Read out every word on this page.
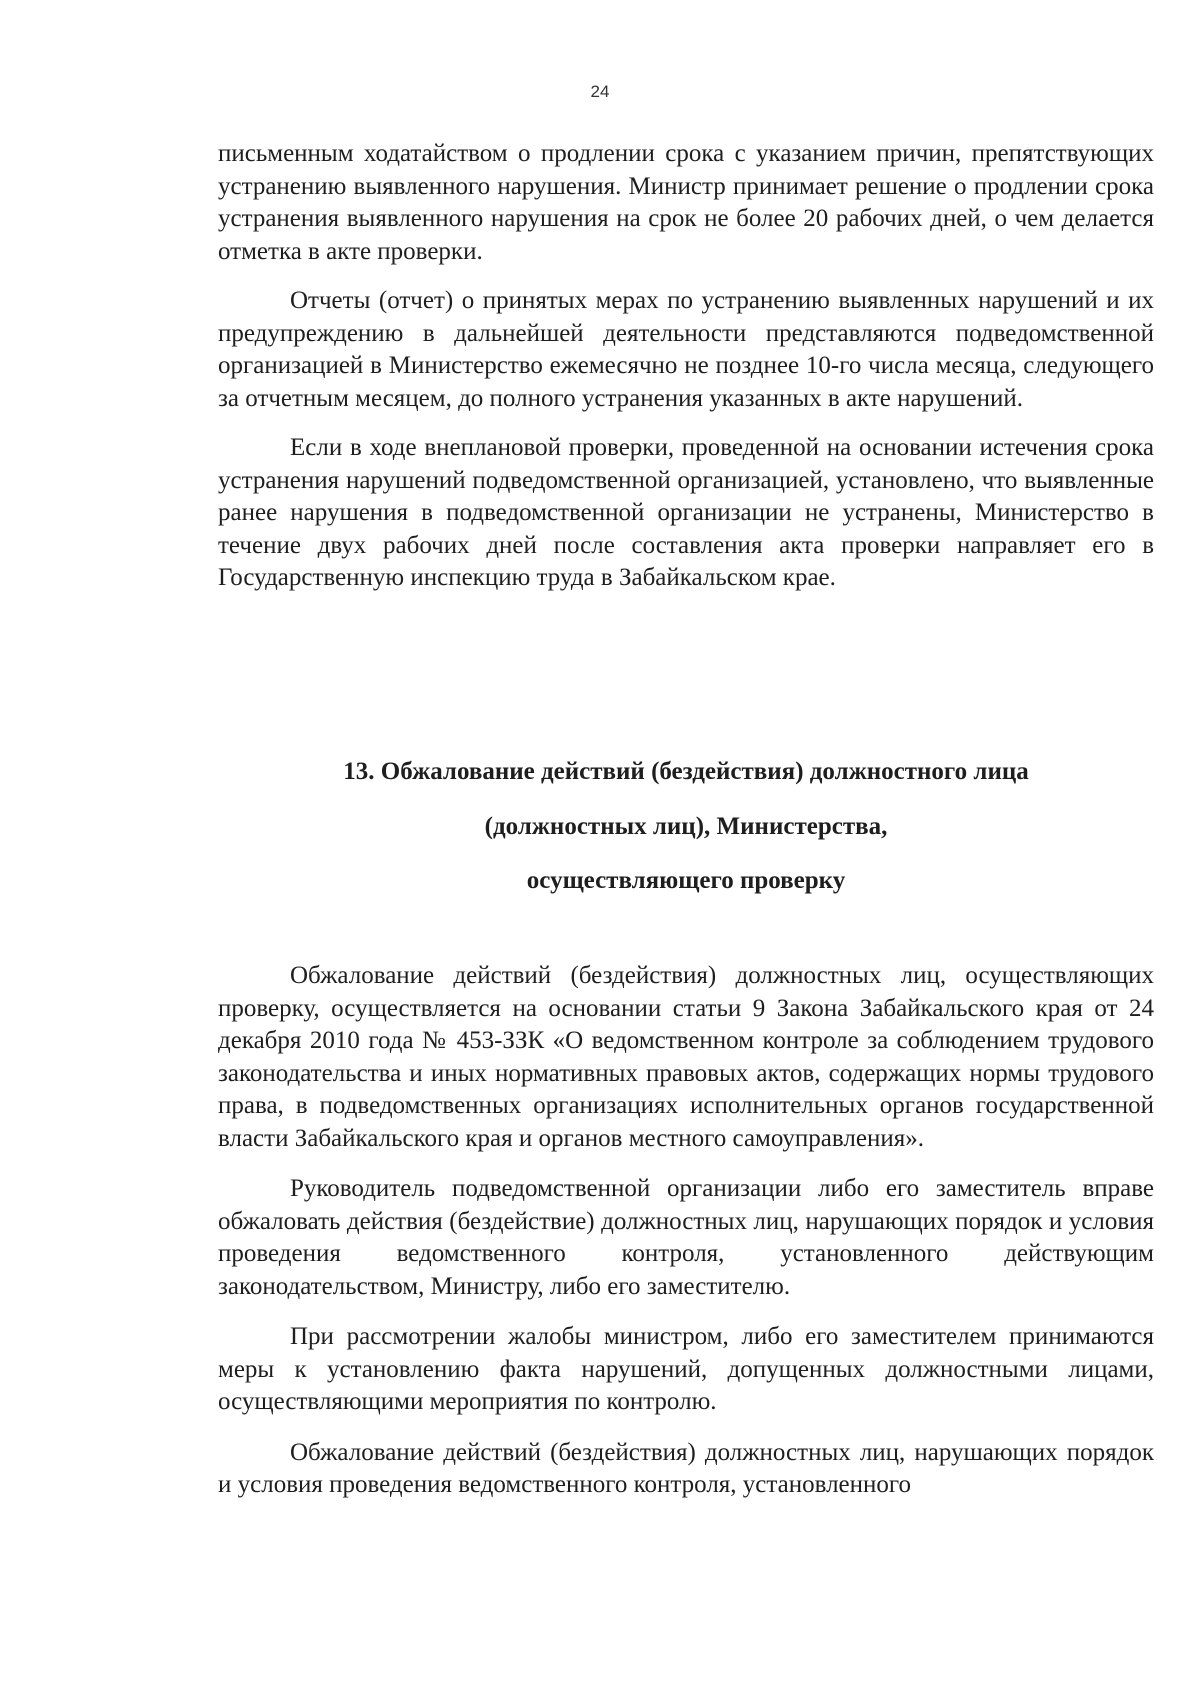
24

письменным ходатайством о продлении срока с указанием причин, препятствующих устранению выявленного нарушения. Министр принимает решение о продлении срока устранения выявленного нарушения на срок не более 20 рабочих дней, о чем делается отметка в акте проверки.

Отчеты (отчет) о принятых мерах по устранению выявленных нарушений и их предупреждению в дальнейшей деятельности представляются подведомственной организацией в Министерство ежемесячно не позднее 10-го числа месяца, следующего за отчетным месяцем, до полного устранения указанных в акте нарушений.

Если в ходе внеплановой проверки, проведенной на основании истечения срока устранения нарушений подведомственной организацией, установлено, что выявленные ранее нарушения в подведомственной организации не устранены, Министерство в течение двух рабочих дней после составления акта проверки направляет его в Государственную инспекцию труда в Забайкальском крае.

13. Обжалование действий (бездействия) должностного лица
(должностных лиц), Министерства,
осуществляющего проверку

Обжалование действий (бездействия) должностных лиц, осуществляющих проверку, осуществляется на основании статьи 9 Закона Забайкальского края от 24 декабря 2010 года № 453-ЗЗК «О ведомственном контроле за соблюдением трудового законодательства и иных нормативных правовых актов, содержащих нормы трудового права, в подведомственных организациях исполнительных органов государственной власти Забайкальского края и органов местного самоуправления».

Руководитель подведомственной организации либо его заместитель вправе обжаловать действия (бездействие) должностных лиц, нарушающих порядок и условия проведения ведомственного контроля, установленного действующим законодательством, Министру, либо его заместителю.

При рассмотрении жалобы министром, либо его заместителем принимаются меры к установлению факта нарушений, допущенных должностными лицами, осуществляющими мероприятия по контролю.

Обжалование действий (бездействия) должностных лиц, нарушающих порядок и условия проведения ведомственного контроля, установленного
